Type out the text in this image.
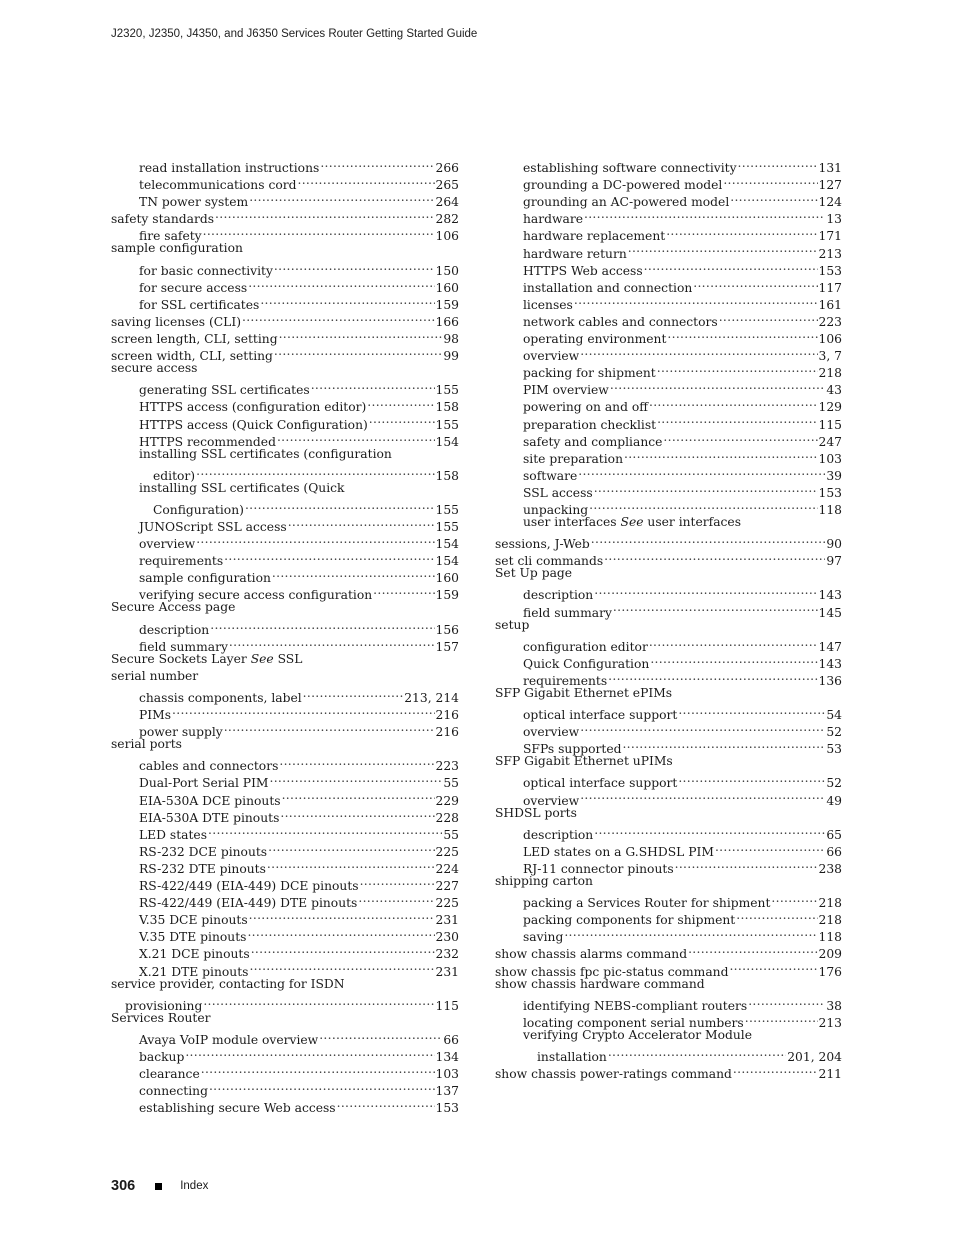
J2320, J2350, J4350, and J6350 Services Router Getting Started Guide
read installation instructions .....	266
telecommunications cord .....	265
TN power system .....	264
safety standards .....	282
fire safety .....	106
sample configuration
for basic connectivity .....	150
for secure access .....	160
for SSL certificates .....	159
saving licenses (CLI) .....	166
screen length, CLI, setting .....	98
screen width, CLI, setting .....	99
secure access
generating SSL certificates .....	155
HTTPS access (configuration editor) .....	158
HTTPS access (Quick Configuration) .....	155
HTTPS recommended .....	154
installing SSL certificates (configuration
editor) .....	158
installing SSL certificates (Quick
Configuration) .....	155
JUNOScript SSL access .....	155
overview .....	154
requirements .....	154
sample configuration .....	160
verifying secure access configuration .....	159
Secure Access page
description .....	156
field summary .....	157
Secure Sockets Layer See SSL
serial number
chassis components, label .....	213, 214
PIMs .....	216
power supply .....	216
serial ports
cables and connectors .....	223
Dual-Port Serial PIM .....	55
EIA-530A DCE pinouts .....	229
EIA-530A DTE pinouts .....	228
LED states .....	55
RS-232 DCE pinouts .....	225
RS-232 DTE pinouts .....	224
RS-422/449 (EIA-449) DCE pinouts .....	227
RS-422/449 (EIA-449) DTE pinouts .....	225
V.35 DCE pinouts .....	231
V.35 DTE pinouts .....	230
X.21 DCE pinouts .....	232
X.21 DTE pinouts .....	231
service provider, contacting for ISDN
provisioning .....	115
Services Router
Avaya VoIP module overview .....	66
backup .....	134
clearance .....	103
connecting .....	137
establishing secure Web access .....	153
establishing software connectivity .....	131
grounding a DC-powered model .....	127
grounding an AC-powered model .....	124
hardware .....	13
hardware replacement .....	171
hardware return .....	213
HTTPS Web access .....	153
installation and connection .....	117
licenses .....	161
network cables and connectors .....	223
operating environment .....	106
overview .....	3, 7
packing for shipment .....	218
PIM overview .....	43
powering on and off .....	129
preparation checklist .....	115
safety and compliance .....	247
site preparation .....	103
software .....	39
SSL access .....	153
unpacking .....	118
user interfaces See user interfaces
sessions, J-Web .....	90
set cli commands .....	97
Set Up page
description .....	143
field summary .....	145
setup
configuration editor .....	147
Quick Configuration .....	143
requirements .....	136
SFP Gigabit Ethernet ePIMs
optical interface support .....	54
overview .....	52
SFPs supported .....	53
SFP Gigabit Ethernet uPIMs
optical interface support .....	52
overview .....	49
SHDSL ports
description .....	65
LED states on a G.SHDSL PIM .....	66
RJ-11 connector pinouts .....	238
shipping carton
packing a Services Router for shipment .....	218
packing components for shipment .....	218
saving .....	118
show chassis alarms command .....	209
show chassis fpc pic-status command .....	176
show chassis hardware command
identifying NEBS-compliant routers .....	38
locating component serial numbers .....	213
verifying Crypto Accelerator Module
installation .....	201, 204
show chassis power-ratings command .....	211
306	Index
